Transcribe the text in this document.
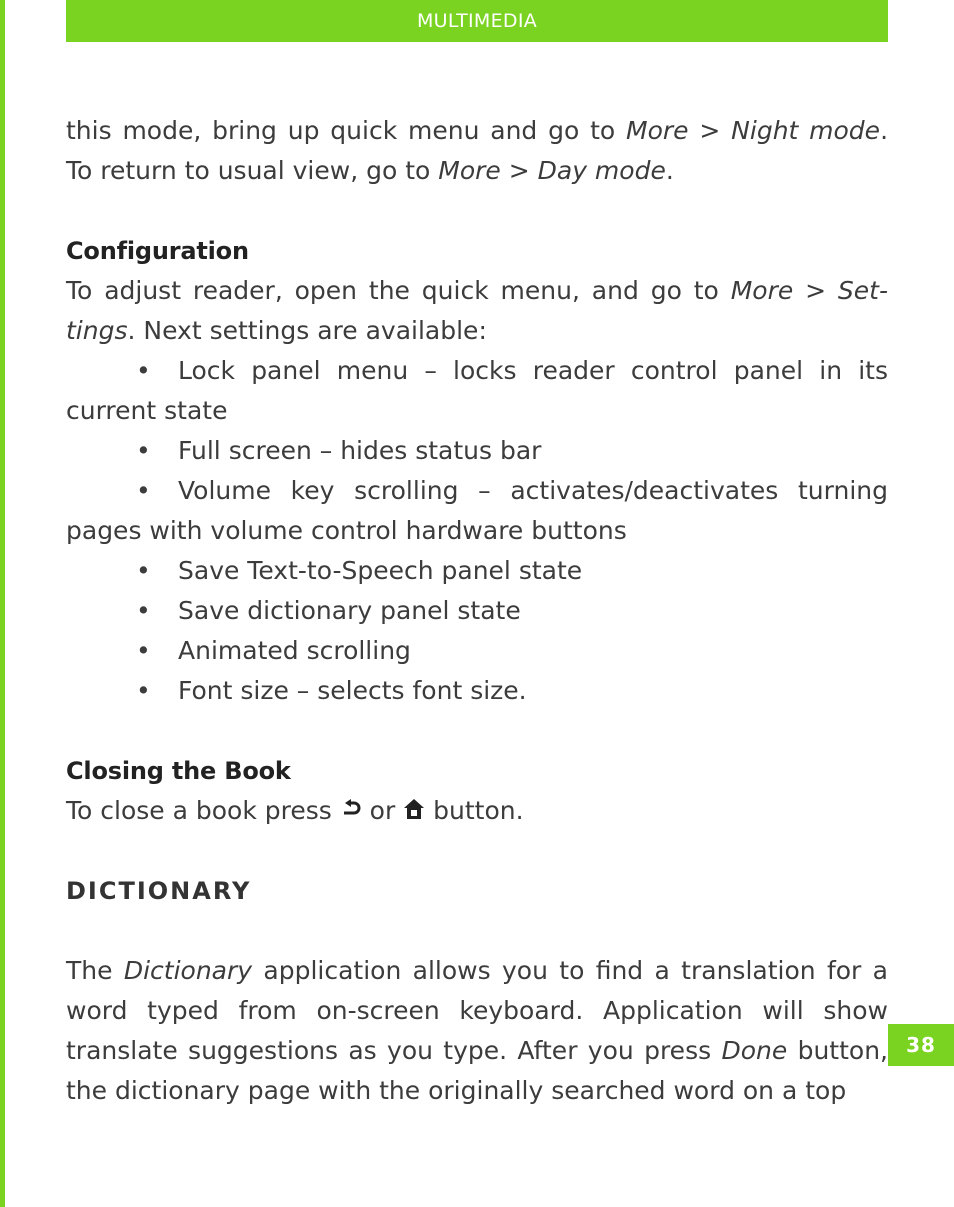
MULTIMEDIA

this mode, bring up quick menu and go to More > Night mode.

To return to usual view, go to More > Day mode.

Configuration

To adjust reader, open the quick menu, and go to More > Set-

tings. Next settings are available:

• Lock panel menu – locks reader control panel in its current state

• Full screen – hides status bar

• Volume key scrolling – activates/deactivates turning pages with volume control hardware buttons

• Save Text-to-Speech panel state

• Save dictionary panel state

• Animated scrolling

• Font size – selects font size.

Closing the Book

To close a book press  or  button.

DICTIONARY

The Dictionary application allows you to find a translation for a word typed from on-screen keyboard. Application will show translate suggestions as you type. After you press Done button, the dictionary page with the originally searched word on a top

38
